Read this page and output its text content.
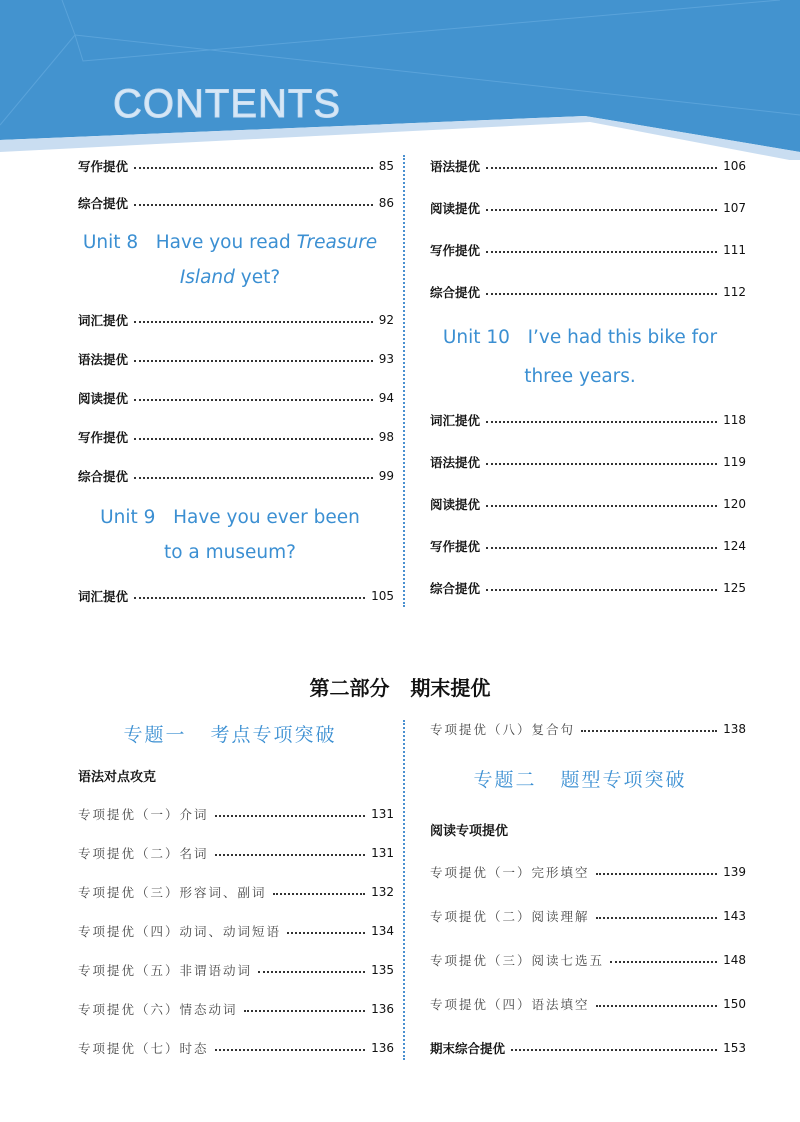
CONTENTS
写作提优	85
综合提优	86
Unit 8   Have you read Treasure
Island yet?
词汇提优	92
语法提优	93
阅读提优	94
写作提优	98
综合提优	99
Unit 9   Have you ever been
to a museum?
词汇提优	105
语法提优	106
阅读提优	107
写作提优	111
综合提优	112
Unit 10   I’ve had this bike for
three years.
词汇提优	118
语法提优	119
阅读提优	120
写作提优	124
综合提优	125
第二部分   期末提优
专题一   考点专项突破
语法对点攻克
专项提优（一）介词	131
专项提优（二）名词	131
专项提优（三）形容词、副词	132
专项提优（四）动词、动词短语	134
专项提优（五）非谓语动词	135
专项提优（六）情态动词	136
专项提优（七）时态	136
专项提优（八）复合句	138
专题二   题型专项突破
阅读专项提优
专项提优（一）完形填空	139
专项提优（二）阅读理解	143
专项提优（三）阅读七选五	148
专项提优（四）语法填空	150
期末综合提优	153
